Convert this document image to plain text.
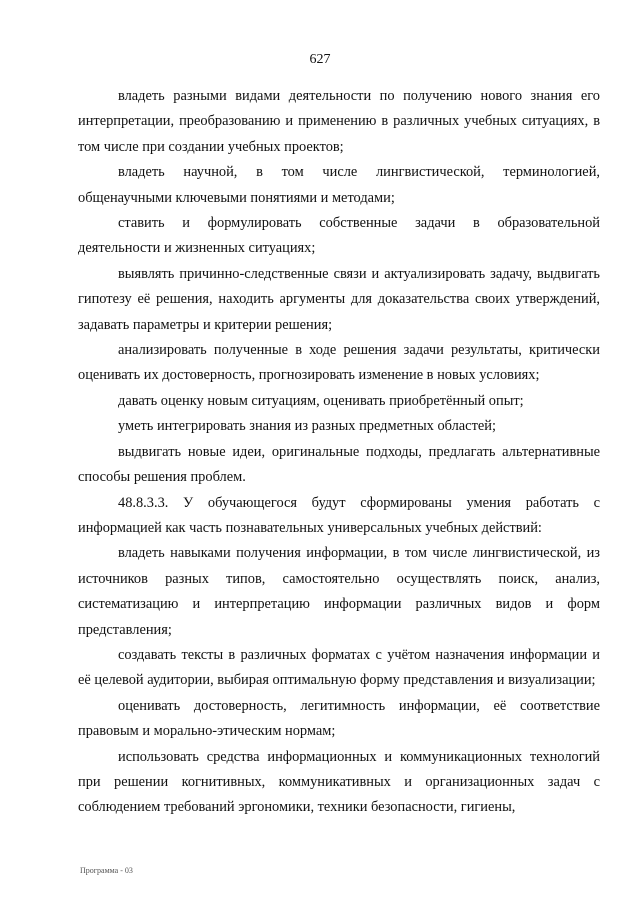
627

владеть разными видами деятельности по получению нового знания его интерпретации, преобразованию и применению в различных учебных ситуациях, в том числе при создании учебных проектов;

владеть научной, в том числе лингвистической, терминологией, общенаучными ключевыми понятиями и методами;

ставить и формулировать собственные задачи в образовательной деятельности и жизненных ситуациях;

выявлять причинно-следственные связи и актуализировать задачу, выдвигать гипотезу её решения, находить аргументы для доказательства своих утверждений, задавать параметры и критерии решения;

анализировать полученные в ходе решения задачи результаты, критически оценивать их достоверность, прогнозировать изменение в новых условиях;

давать оценку новым ситуациям, оценивать приобретённый опыт;

уметь интегрировать знания из разных предметных областей;

выдвигать новые идеи, оригинальные подходы, предлагать альтернативные способы решения проблем.

48.8.3.3. У обучающегося будут сформированы умения работать с информацией как часть познавательных универсальных учебных действий:

владеть навыками получения информации, в том числе лингвистической, из источников разных типов, самостоятельно осуществлять поиск, анализ, систематизацию и интерпретацию информации различных видов и форм представления;

создавать тексты в различных форматах с учётом назначения информации и её целевой аудитории, выбирая оптимальную форму представления и визуализации;

оценивать достоверность, легитимность информации, её соответствие правовым и морально-этическим нормам;

использовать средства информационных и коммуникационных технологий при решении когнитивных, коммуникативных и организационных задач с соблюдением требований эргономики, техники безопасности, гигиены,

Программа - 03
